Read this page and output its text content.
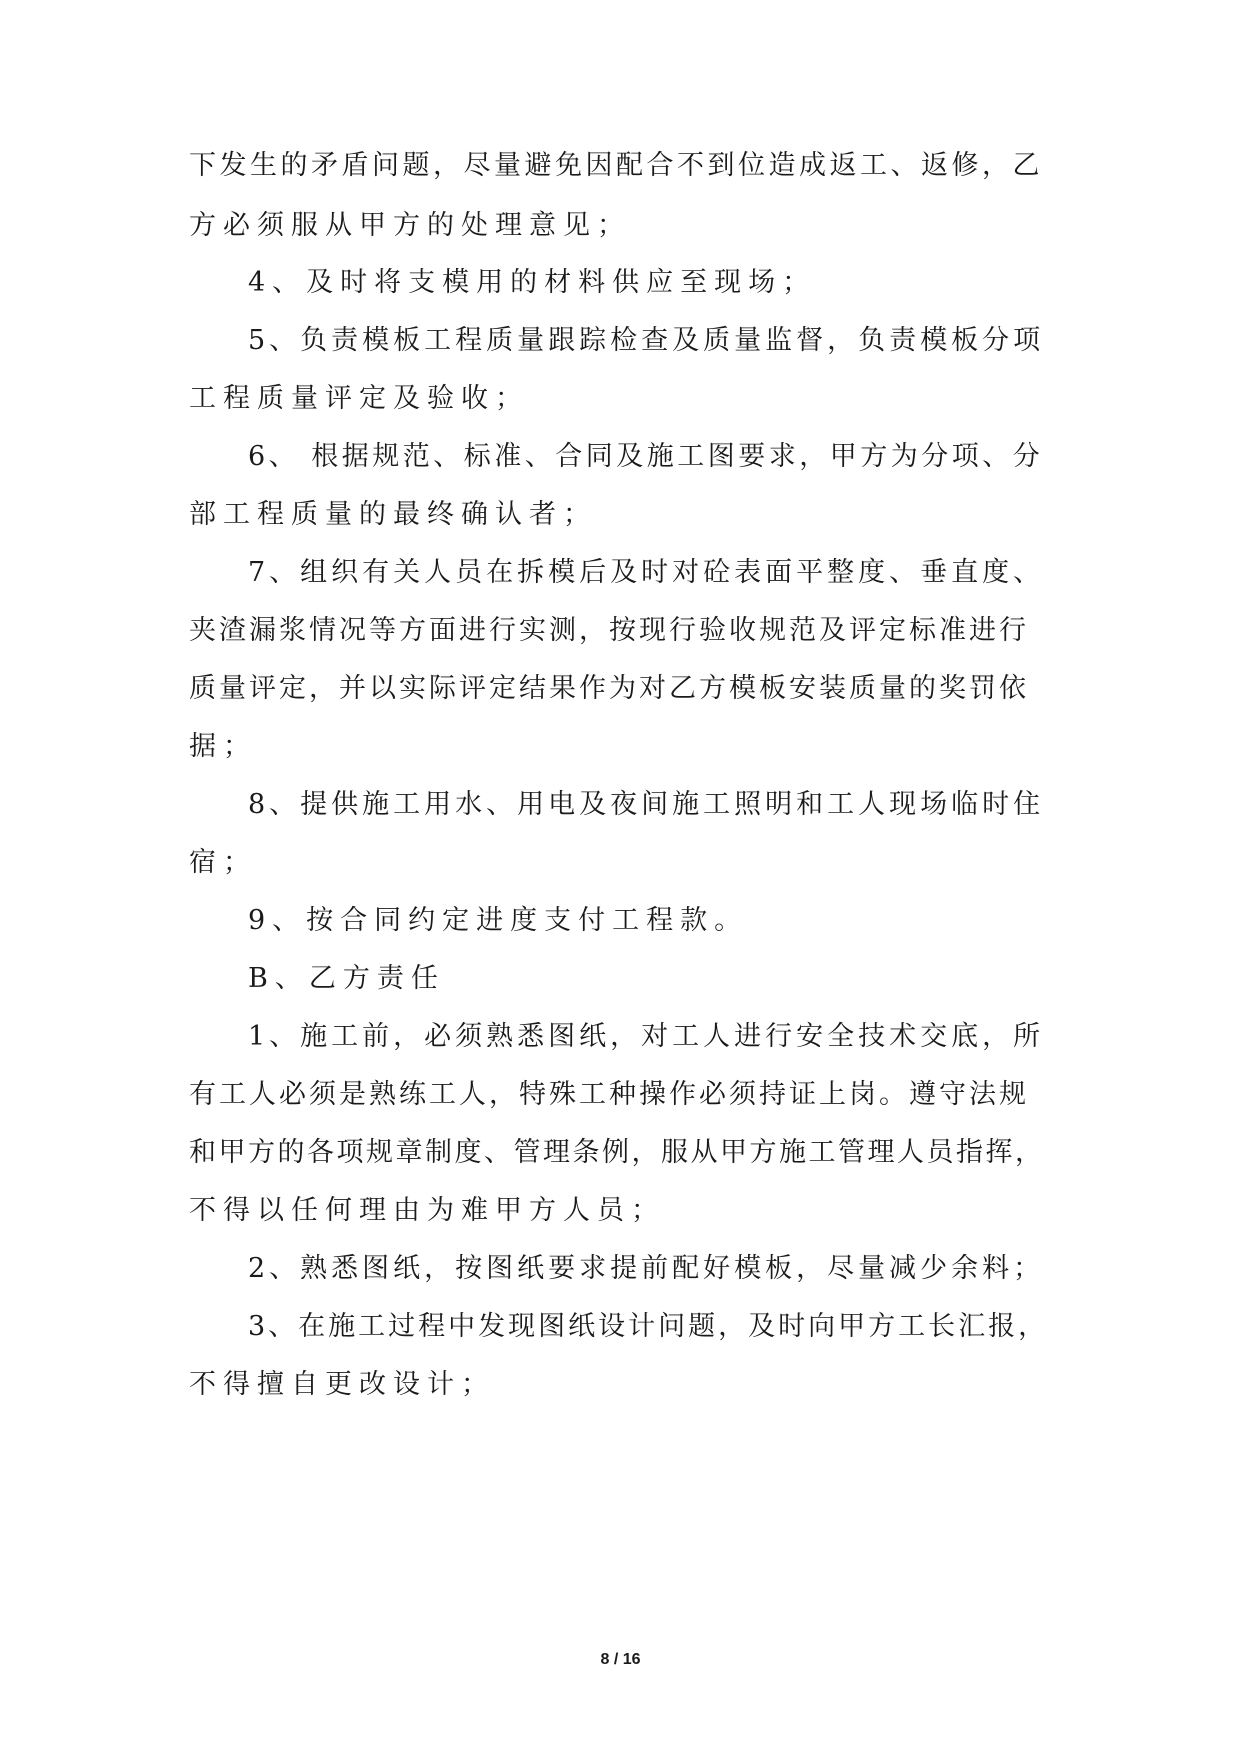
下发生的矛盾问题，尽量避免因配合不到位造成返工、返修，乙
方必须服从甲方的处理意见；
4、及时将支模用的材料供应至现场；
5、负责模板工程质量跟踪检查及质量监督，负责模板分项
工程质量评定及验收；
6、 根据规范、标准、合同及施工图要求，甲方为分项、分
部工程质量的最终确认者；
7、组织有关人员在拆模后及时对砼表面平整度、垂直度、
夹渣漏浆情况等方面进行实测，按现行验收规范及评定标准进行
质量评定，并以实际评定结果作为对乙方模板安装质量的奖罚依
据；
8、提供施工用水、用电及夜间施工照明和工人现场临时住
宿；
9、按合同约定进度支付工程款。
B、乙方责任
1、施工前，必须熟悉图纸，对工人进行安全技术交底，所
有工人必须是熟练工人，特殊工种操作必须持证上岗。遵守法规
和甲方的各项规章制度、管理条例，服从甲方施工管理人员指挥，
不得以任何理由为难甲方人员；
2、熟悉图纸，按图纸要求提前配好模板，尽量减少余料；
3、在施工过程中发现图纸设计问题，及时向甲方工长汇报，
不得擅自更改设计；
8 / 16
